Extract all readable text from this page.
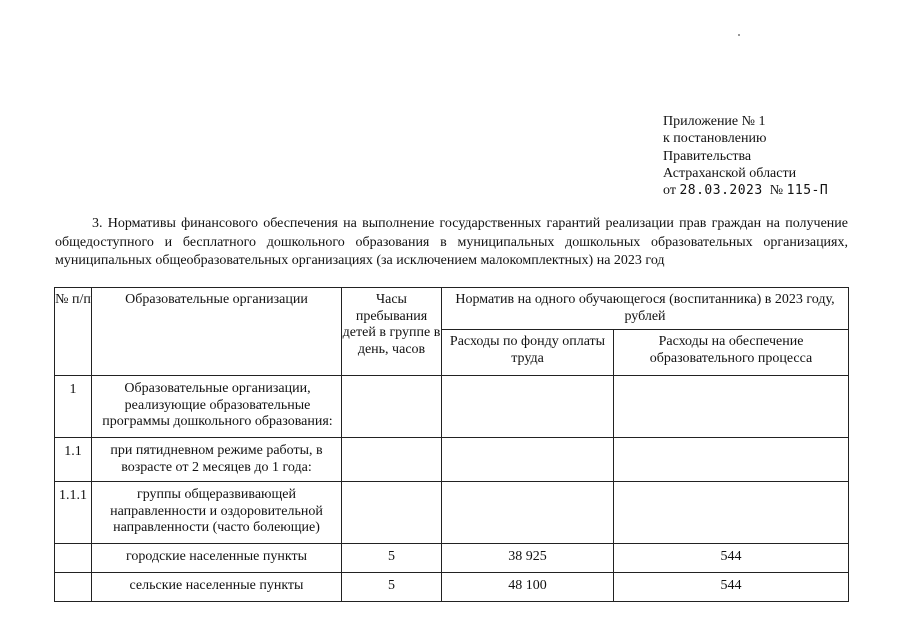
Приложение № 1
к постановлению
Правительства
Астраханской области
от 28.03.2023 № 115-П
3. Нормативы финансового обеспечения на выполнение государственных гарантий реализации прав граждан на получение общедоступного и бесплатного дошкольного образования в муниципальных дошкольных образовательных организациях, муниципальных общеобразовательных организациях (за исключением малокомплектных) на 2023 год
№ п/п	Образовательные организации	Часы пребывания детей в группе в день, часов	Норматив на одного обучающегося (воспитанника) в 2023 году, рублей	
			Расходы по фонду оплаты труда	Расходы на обеспечение образовательного процесса
1	Образовательные организации, реализующие образовательные программы дошкольного образования:			
1.1	при пятидневном режиме работы, в возрасте от 2 месяцев до 1 года:			
1.1.1	группы общеразвивающей направленности и оздоровительной направленности (часто болеющие)			
	городские населенные пункты	5	38 925	544
	сельские населенные пункты	5	48 100	544
